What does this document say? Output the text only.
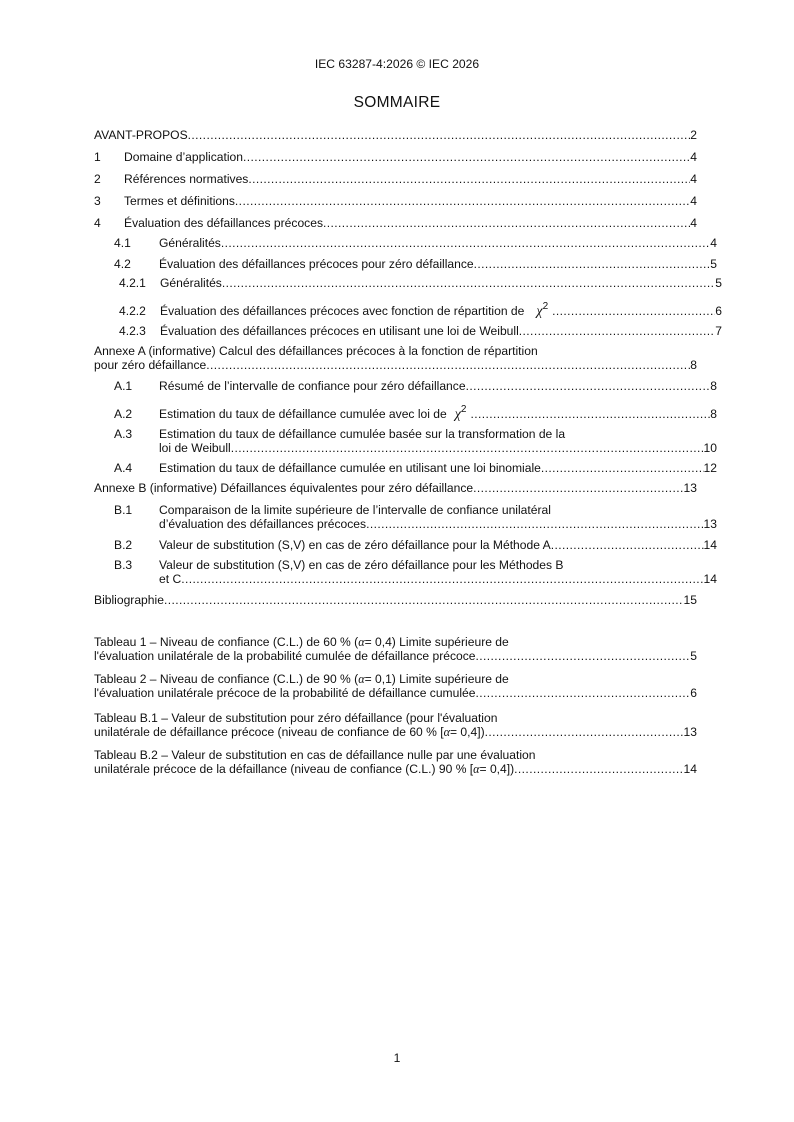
IEC 63287-4:2026 © IEC 2026
SOMMAIRE
AVANT-PROPOS .....	2
1	Domaine d’application .....	4
2	Références normatives .....	4
3	Termes et définitions .....	4
4	Évaluation des défaillances précoces .....	4
4.1	Généralités .....	4
4.2	Évaluation des défaillances précoces pour zéro défaillance .....	5
4.2.1	Généralités .....	5
4.2.2	Évaluation des défaillances précoces avec fonction de répartition de $\chi^2$ .....	6
4.2.3	Évaluation des défaillances précoces en utilisant une loi de Weibull .....	7
Annexe A (informative) Calcul des défaillances précoces à la fonction de répartition
pour zéro défaillance .....	8
A.1	Résumé de l’intervalle de confiance pour zéro défaillance .....	8
A.2	Estimation du taux de défaillance cumulée avec loi de $\chi^2$ .....	8
A.3	Estimation du taux de défaillance cumulée basée sur la transformation de la
loi de Weibull .....	10
A.4	Estimation du taux de défaillance cumulée en utilisant une loi binomiale .....	12
Annexe B (informative) Défaillances équivalentes pour zéro défaillance .....	13
B.1	Comparaison de la limite supérieure de l’intervalle de confiance unilatéral
d’évaluation des défaillances précoces .....	13
B.2	Valeur de substitution (S,V) en cas de zéro défaillance pour la Méthode A .....	14
B.3	Valeur de substitution (S,V) en cas de zéro défaillance pour les Méthodes B
et C .....	14
Bibliographie .....	15
Tableau 1 – Niveau de confiance (C.L.) de 60 % ( α = 0,4) Limite supérieure de
l'évaluation unilatérale de la probabilité cumulée de défaillance précoce .....	5
Tableau 2 – Niveau de confiance (C.L.) de 90 % ( α = 0,1) Limite supérieure de
l'évaluation unilatérale précoce de la probabilité de défaillance cumulée .....	6
Tableau B.1 – Valeur de substitution pour zéro défaillance (pour l'évaluation
unilatérale de défaillance précoce (niveau de confiance de 60 % [ α = 0,4]) .....	13
Tableau B.2 – Valeur de substitution en cas de défaillance nulle par une évaluation
unilatérale précoce de la défaillance (niveau de confiance (C.L.) 90 % [ α = 0,4]) .....	14
1
